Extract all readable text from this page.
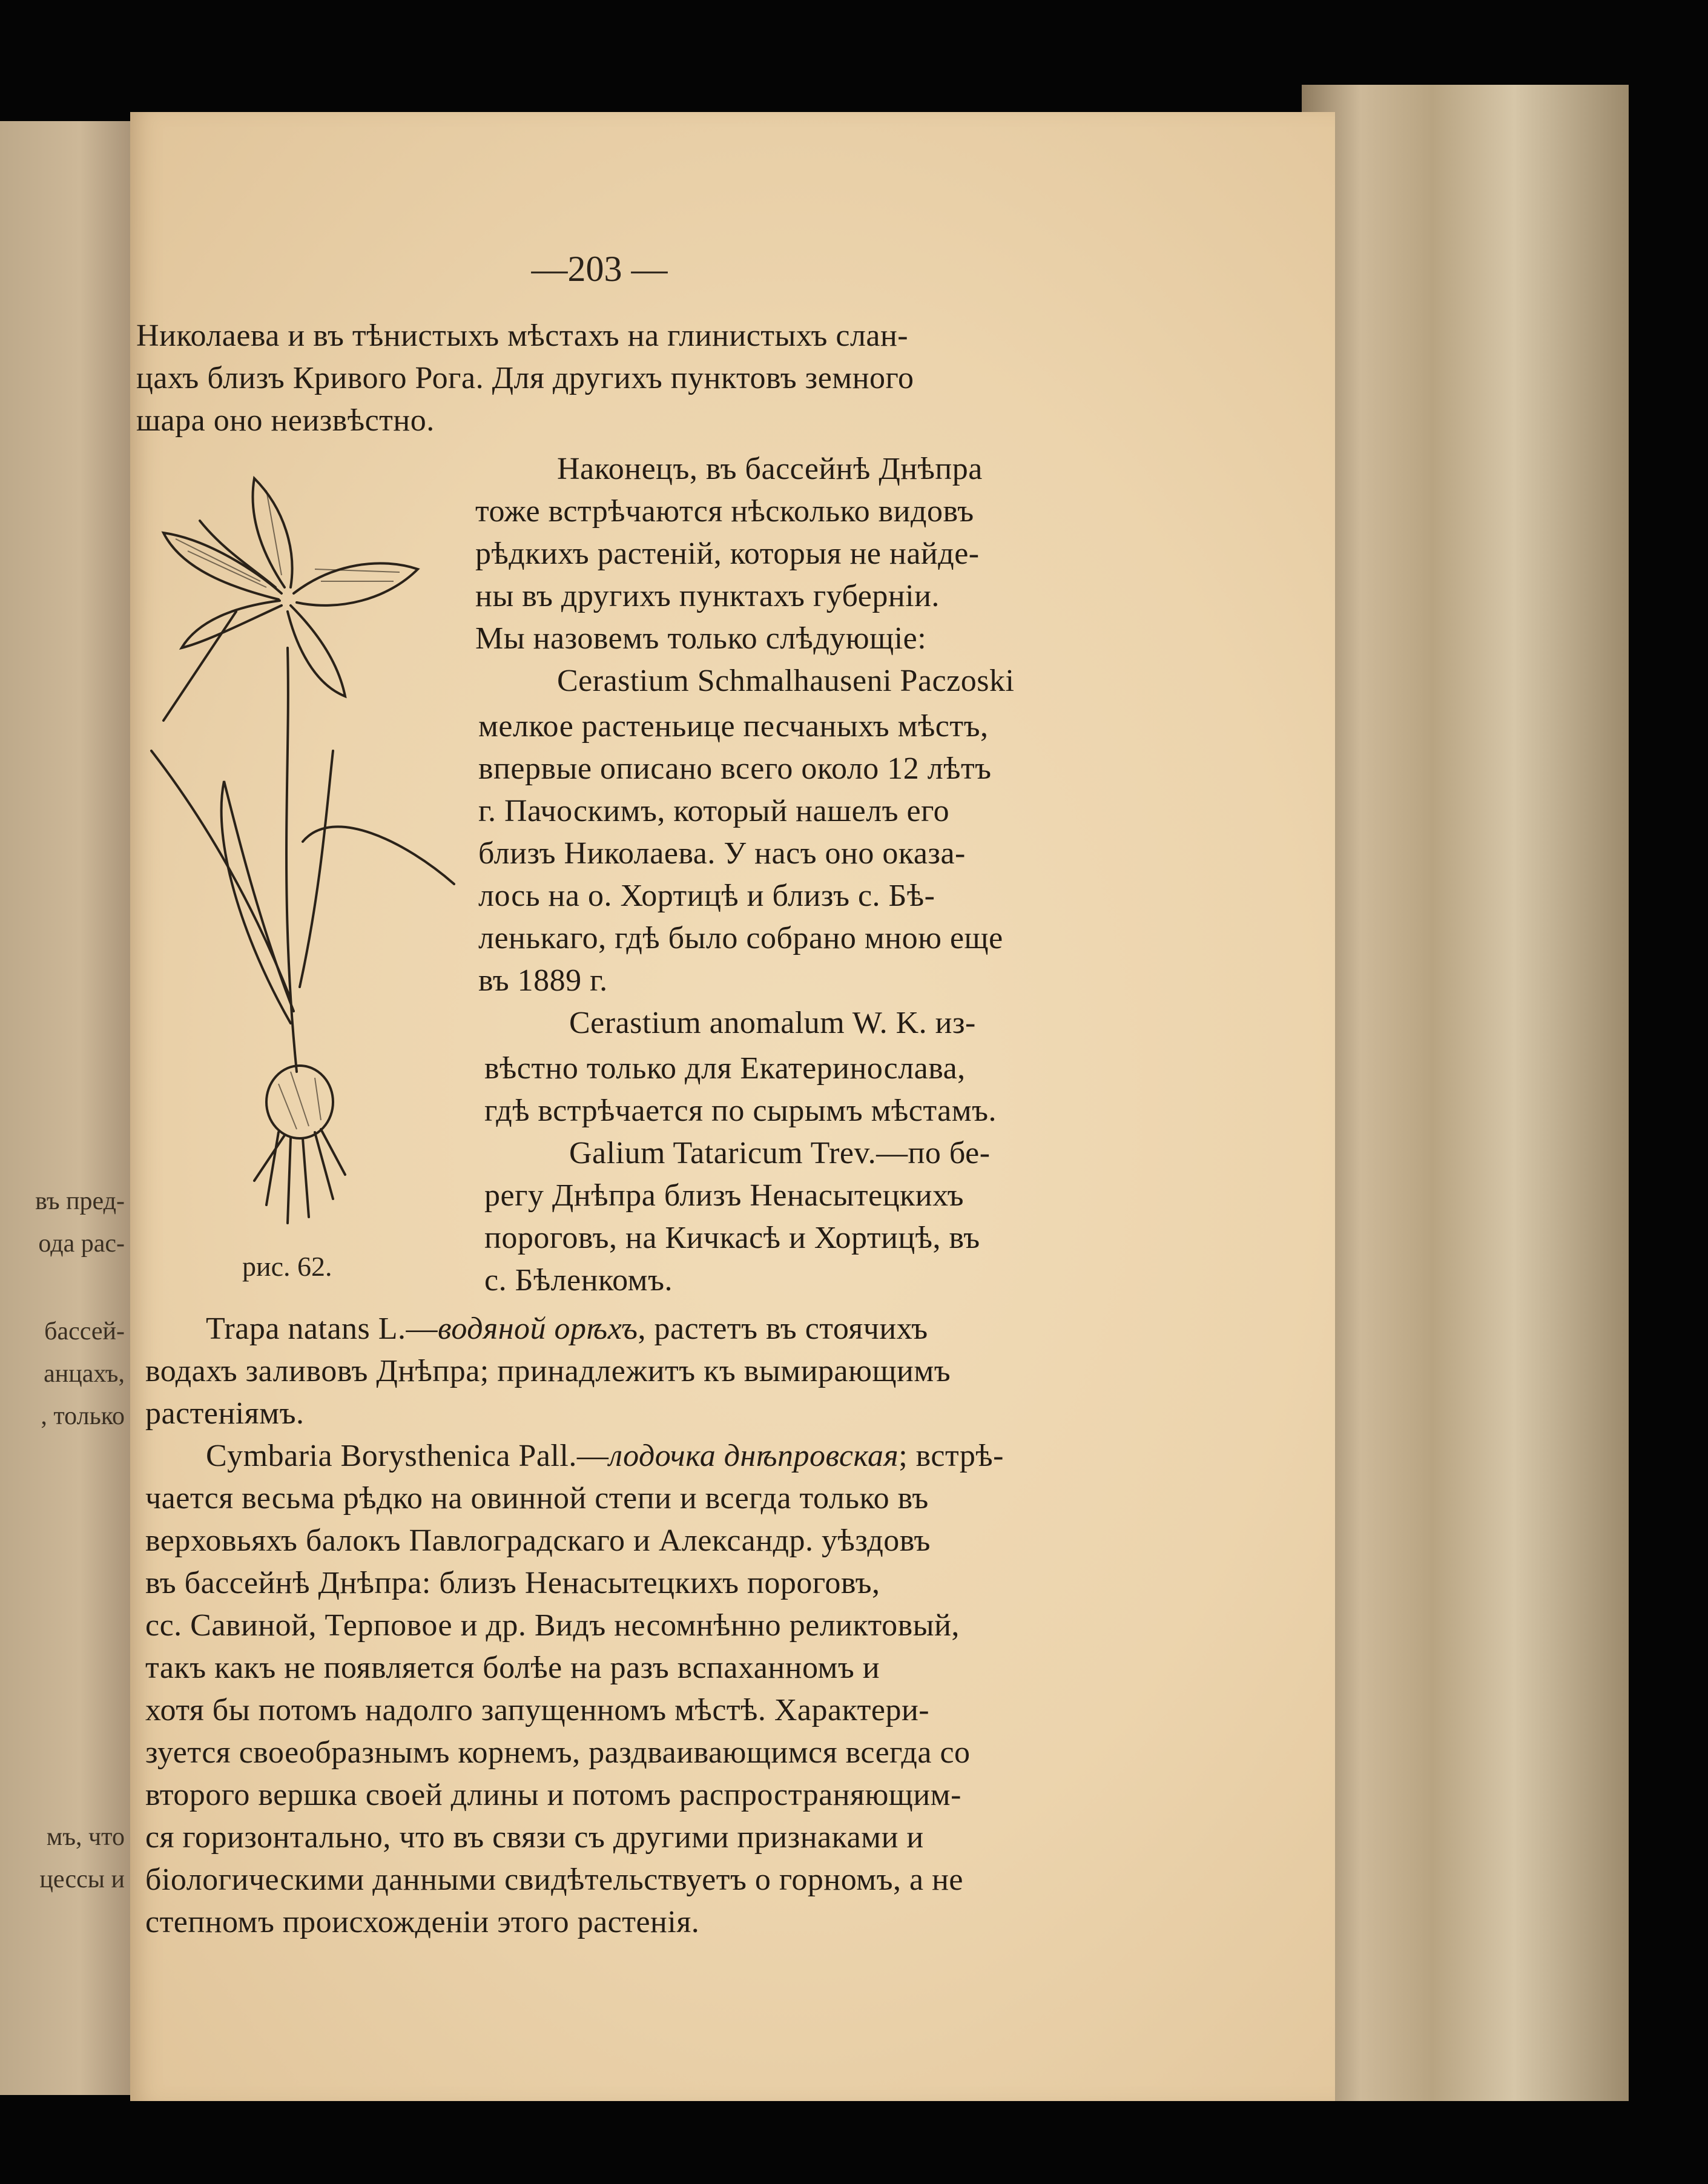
въ пред-
ода рас-
бассей-
анцахъ,
, только
мъ, что
цессы и
—203 —
Николаева и въ тѣнистыхъ мѣстахъ на глинистыхъ слан-
цахъ близъ Кривого Рога. Для другихъ пунктовъ земного
шара оно неизвѣстно.
рис. 62.
Наконецъ, въ бассейнѣ Днѣпра
тоже встрѣчаются нѣсколько видовъ
рѣдкихъ растеній, которыя не найде-
ны въ другихъ пунктахъ губерніи.
Мы назовемъ только слѣдующіе:
Cerastium Schmalhauseni Paczoski
мелкое растеньице песчаныхъ мѣстъ,
впервые описано всего около 12 лѣтъ
г. Пачоскимъ, который нашелъ его
близъ Николаева. У насъ оно оказа-
лось на о. Хортицѣ и близъ с. Бѣ-
ленькаго, гдѣ было собрано мною еще
въ 1889 г.
Cerastium anomalum W. K. из-
вѣстно только для Екатеринослава,
гдѣ встрѣчается по сырымъ мѣстамъ.
Galium Tataricum Trev.—по бе-
регу Днѣпра близъ Ненасытецкихъ
пороговъ, на Кичкасѣ и Хортицѣ, въ
с. Бѣленкомъ.
Trapa natans L.—водяной орѣхъ, растетъ въ стоячихъ
водахъ заливовъ Днѣпра; принадлежитъ къ вымирающимъ
растеніямъ.
Cymbaria Borysthenica Pall.—лодочка днѣпровская; встрѣ-
чается весьма рѣдко на овинной степи и всегда только въ
верховьяхъ балокъ Павлоградскаго и Александр. уѣздовъ
въ бассейнѣ Днѣпра: близъ Ненасытецкихъ пороговъ,
сс. Савиной, Терповое и др. Видъ несомнѣнно реликтовый,
такъ какъ не появляется болѣе на разъ вспаханномъ и
хотя бы потомъ надолго запущенномъ мѣстѣ. Характери-
зуется своеобразнымъ корнемъ, раздваивающимся всегда со
второго вершка своей длины и потомъ распространяющим-
ся горизонтально, что въ связи съ другими признаками и
біологическими данными свидѣтельствуетъ о горномъ, а не
степномъ происхожденіи этого растенія.
